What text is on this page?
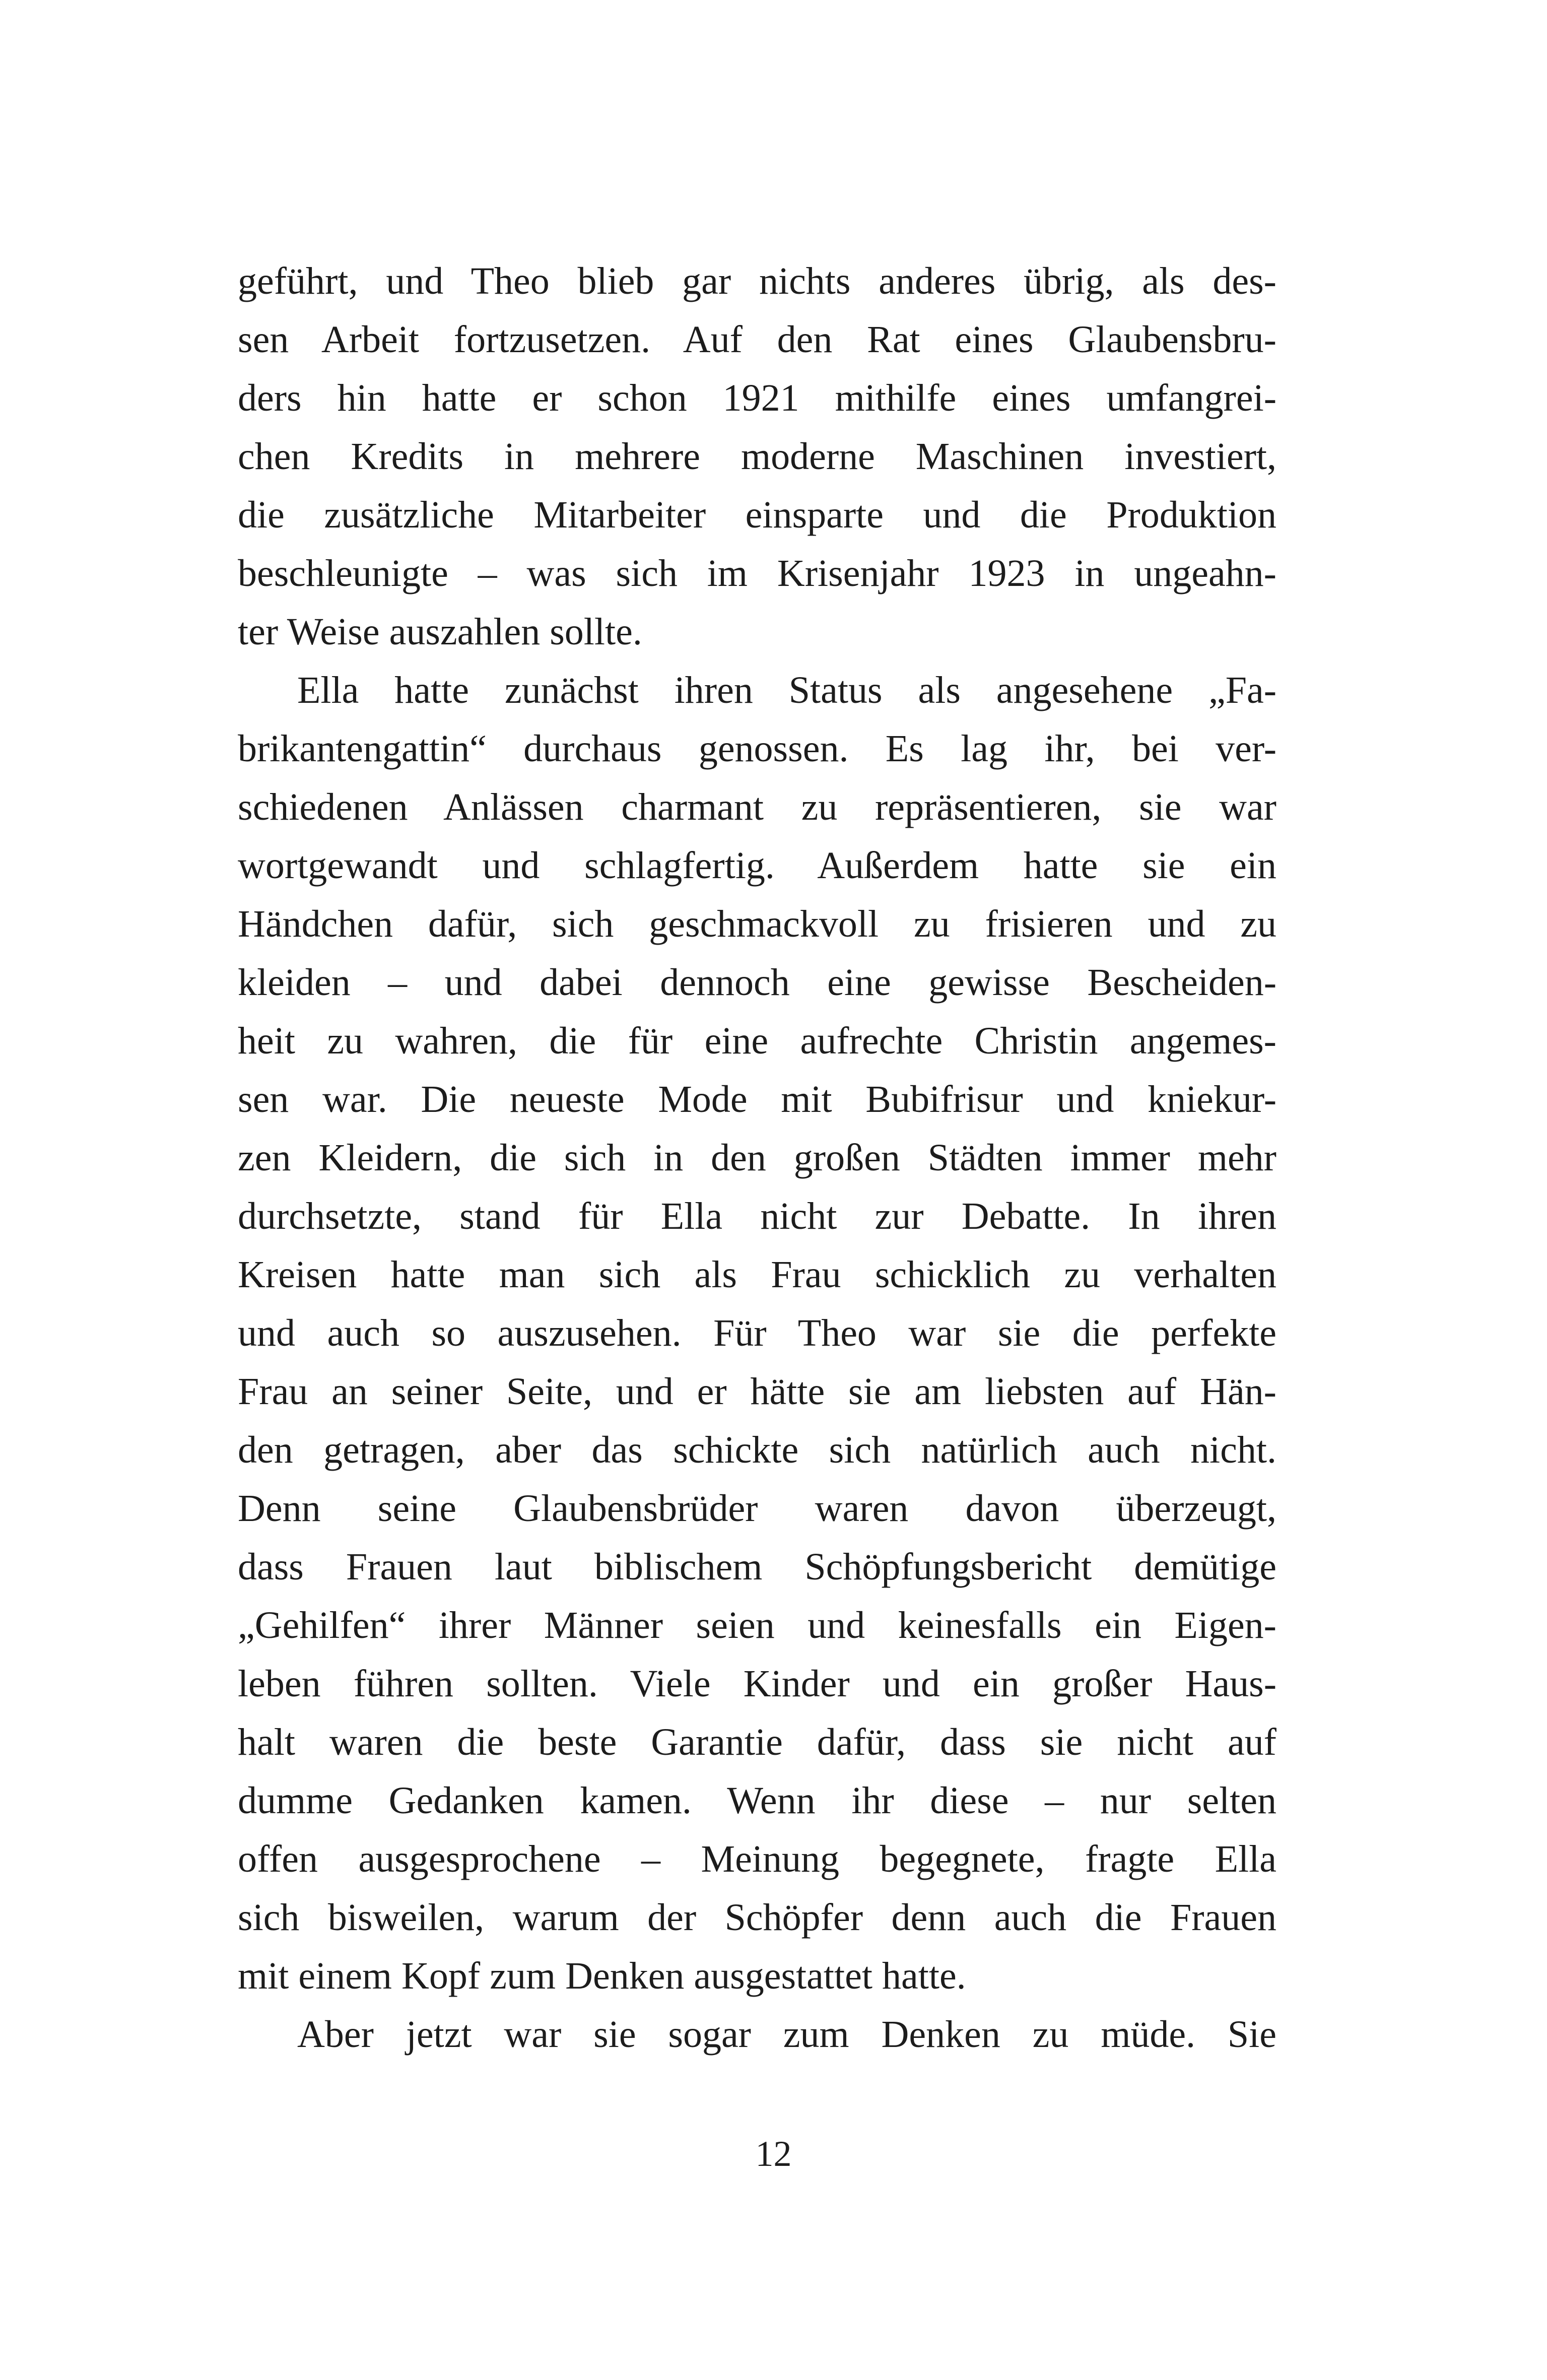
geführt, und Theo blieb gar nichts anderes übrig, als des-
sen Arbeit fortzusetzen. Auf den Rat eines Glaubensbru-
ders hin hatte er schon 1921 mithilfe eines umfangrei-
chen Kredits in mehrere moderne Maschinen investiert,
die zusätzliche Mitarbeiter einsparte und die Produktion
beschleunigte – was sich im Krisenjahr 1923 in ungeahn-
ter Weise auszahlen sollte.
Ella hatte zunächst ihren Status als angesehene „Fa-
brikantengattin“ durchaus genossen. Es lag ihr, bei ver-
schiedenen Anlässen charmant zu repräsentieren, sie war
wortgewandt und schlagfertig. Außerdem hatte sie ein
Händchen dafür, sich geschmackvoll zu frisieren und zu
kleiden – und dabei dennoch eine gewisse Bescheiden-
heit zu wahren, die für eine aufrechte Christin angemes-
sen war. Die neueste Mode mit Bubifrisur und kniekur-
zen Kleidern, die sich in den großen Städten immer mehr
durchsetzte, stand für Ella nicht zur Debatte. In ihren
Kreisen hatte man sich als Frau schicklich zu verhalten
und auch so auszusehen. Für Theo war sie die perfekte
Frau an seiner Seite, und er hätte sie am liebsten auf Hän-
den getragen, aber das schickte sich natürlich auch nicht.
Denn seine Glaubensbrüder waren davon überzeugt,
dass Frauen laut biblischem Schöpfungsbericht demütige
„Gehilfen“ ihrer Männer seien und keinesfalls ein Eigen-
leben führen sollten. Viele Kinder und ein großer Haus-
halt waren die beste Garantie dafür, dass sie nicht auf
dumme Gedanken kamen. Wenn ihr diese – nur selten
offen ausgesprochene – Meinung begegnete, fragte Ella
sich bisweilen, warum der Schöpfer denn auch die Frauen
mit einem Kopf zum Denken ausgestattet hatte.
Aber jetzt war sie sogar zum Denken zu müde. Sie
12
